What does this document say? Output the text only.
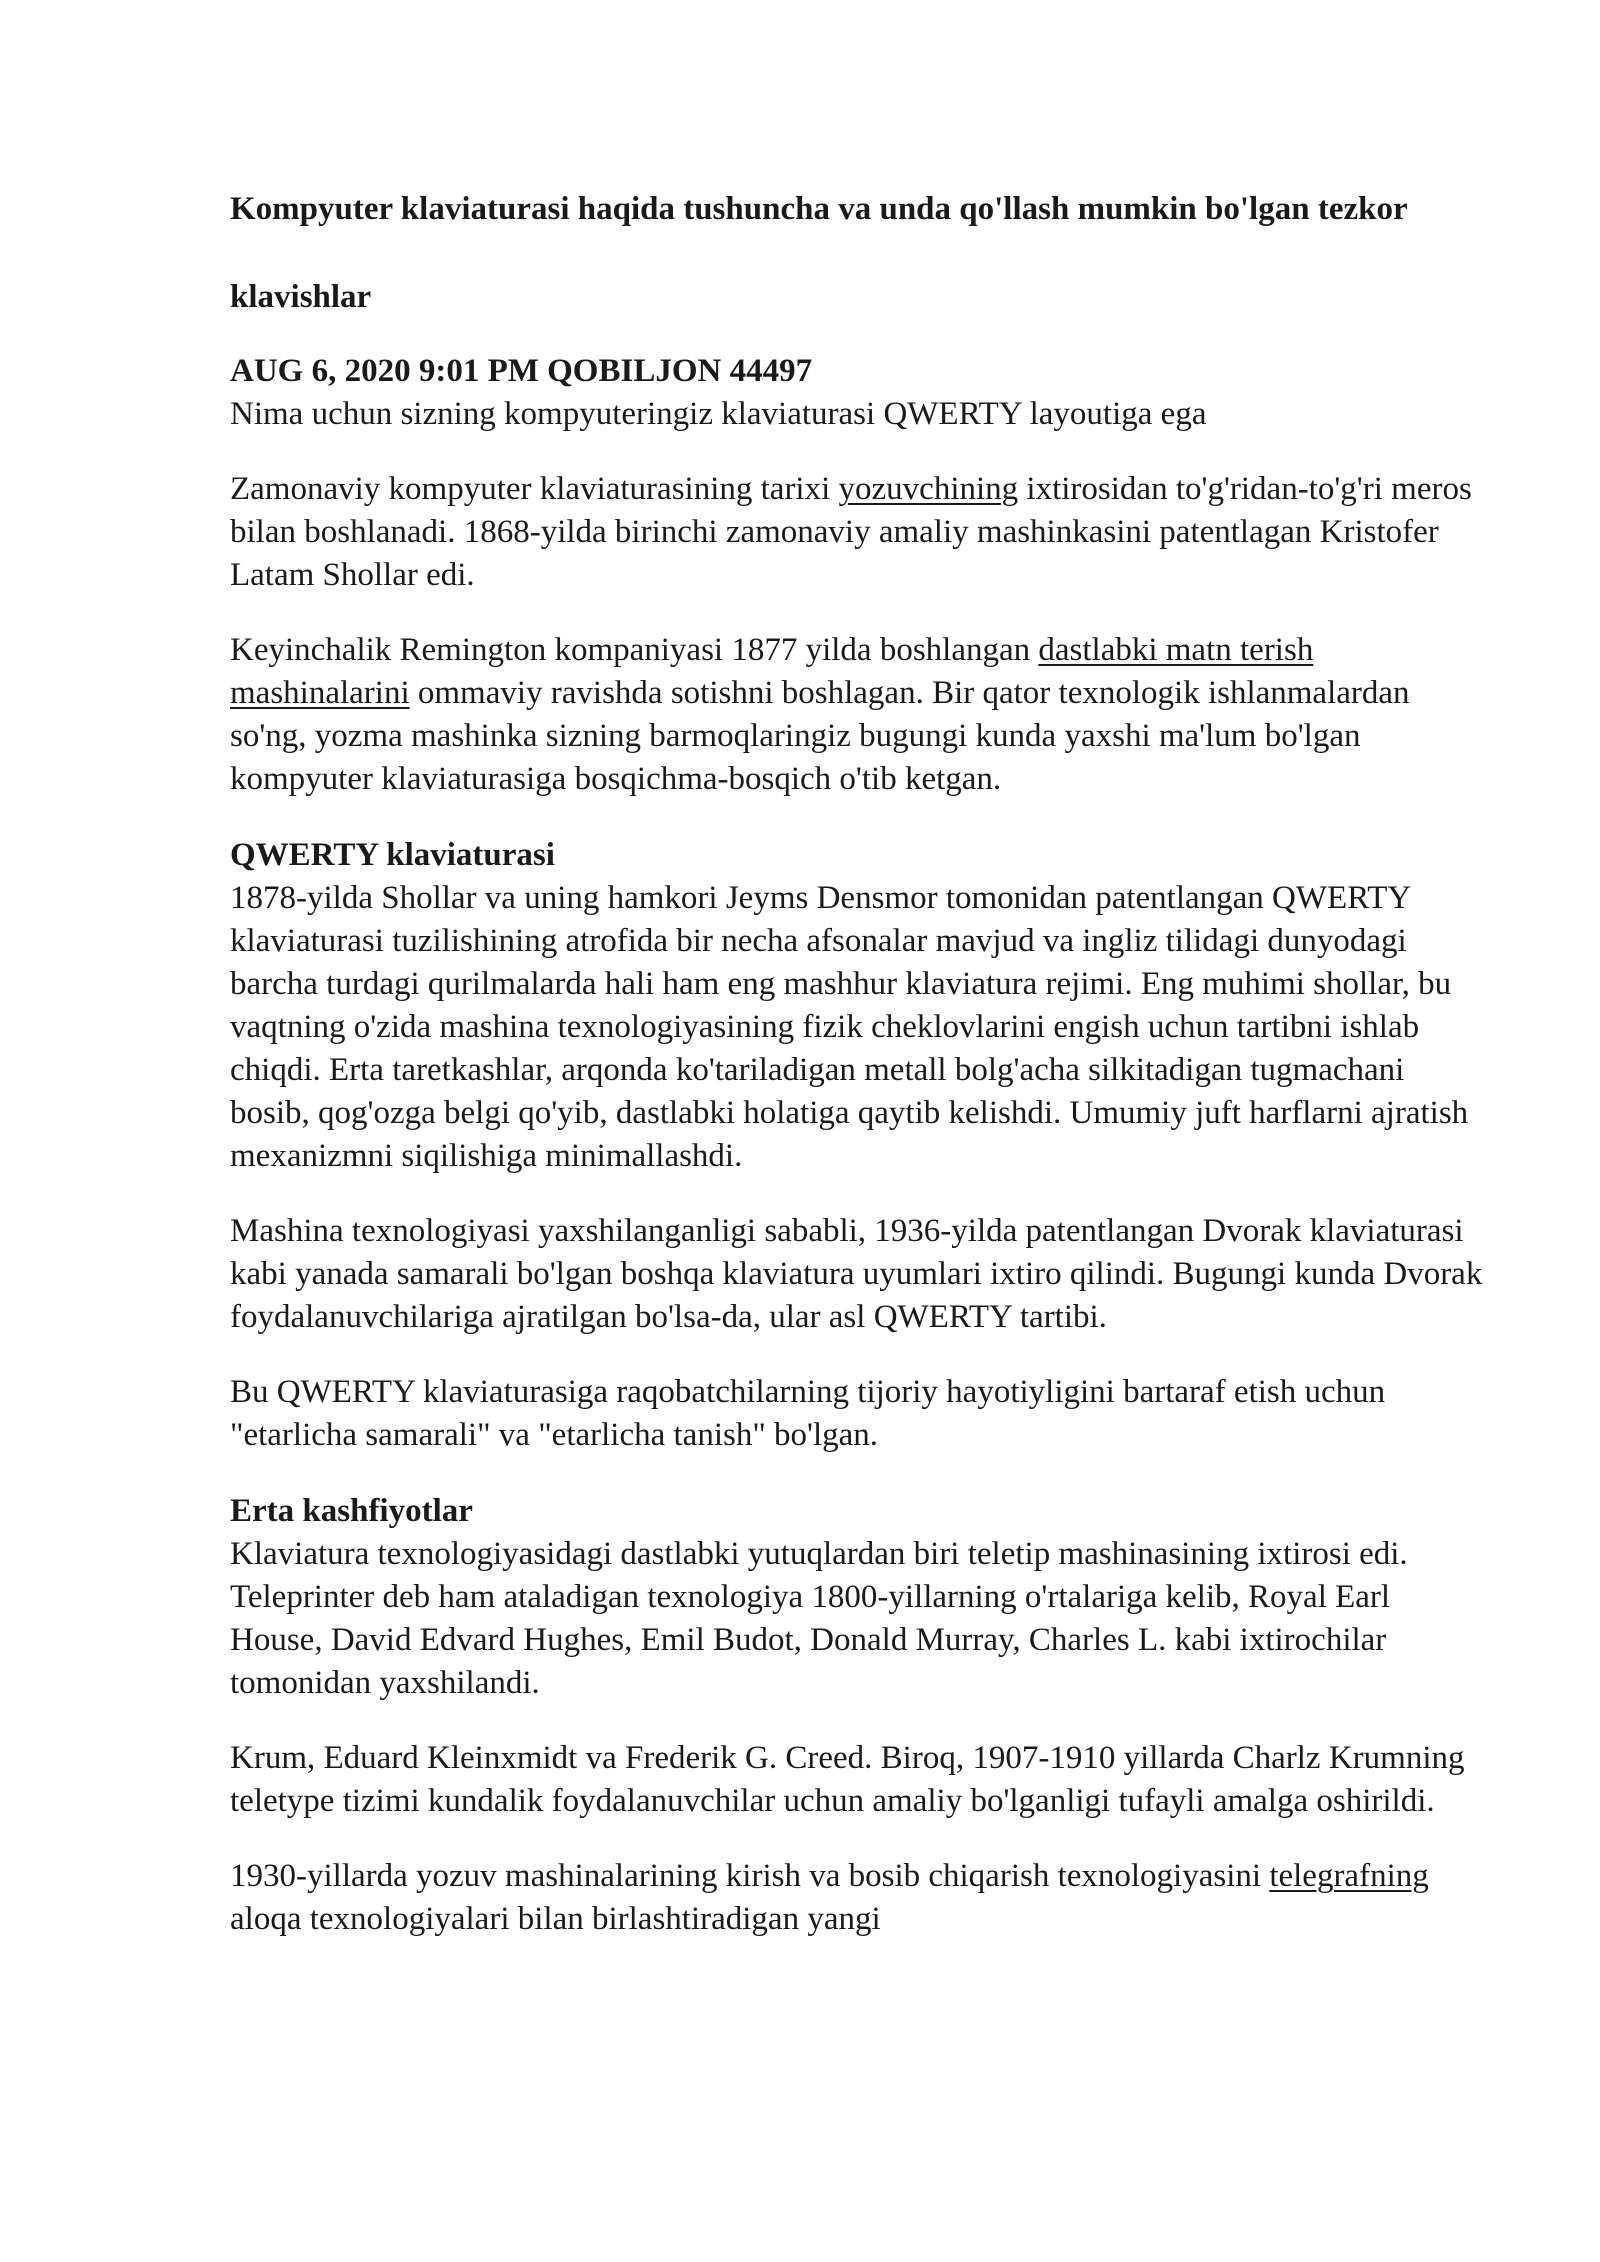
Kompyuter klaviaturasi haqida tushuncha va unda qo'llash mumkin bo'lgan tezkor klavishlar
AUG 6, 2020 9:01 PM QOBILJON 44497

Nima uchun sizning kompyuteringiz klaviaturasi QWERTY layoutiga ega

Zamonaviy kompyuter klaviaturasining tarixi yozuvchining ixtirosidan to'g'ridan-to'g'ri meros bilan boshlanadi. 1868-yilda birinchi zamonaviy amaliy mashinkasini patentlagan Kristofer Latam Shollar edi.

Keyinchalik Remington kompaniyasi 1877 yilda boshlangan dastlabki matn terish mashinalarini ommaviy ravishda sotishni boshlagan. Bir qator texnologik ishlanmalardan so'ng, yozma mashinka sizning barmoqlaringiz bugungi kunda yaxshi ma'lum bo'lgan kompyuter klaviaturasiga bosqichma-bosqich o'tib ketgan.

QWERTY klaviaturasi

1878-yilda Shollar va uning hamkori Jeyms Densmor tomonidan patentlangan QWERTY klaviaturasi tuzilishining atrofida bir necha afsonalar mavjud va ingliz tilidagi dunyodagi barcha turdagi qurilmalarda hali ham eng mashhur klaviatura rejimi. Eng muhimi shollar, bu vaqtning o'zida mashina texnologiyasining fizik cheklovlarini engish uchun tartibni ishlab chiqdi. Erta taretkashlar, arqonda ko'tariladigan metall bolg'acha silkitadigan tugmachani bosib, qog'ozga belgi qo'yib, dastlabki holatiga qaytib kelishdi. Umumiy juft harflarni ajratish mexanizmni siqilishiga minimallashdi.

Mashina texnologiyasi yaxshilanganligi sababli, 1936-yilda patentlangan Dvorak klaviaturasi kabi yanada samarali bo'lgan boshqa klaviatura uyumlari ixtiro qilindi. Bugungi kunda Dvorak foydalanuvchilariga ajratilgan bo'lsa-da, ular asl QWERTY tartibi.

Bu QWERTY klaviaturasiga raqobatchilarning tijoriy hayotiyligini bartaraf etish uchun "etarlicha samarali" va "etarlicha tanish" bo'lgan.

Erta kashfiyotlar

Klaviatura texnologiyasidagi dastlabki yutuqlardan biri teletip mashinasining ixtirosi edi. Teleprinter deb ham ataladigan texnologiya 1800-yillarning o'rtalariga kelib, Royal Earl House, David Edvard Hughes, Emil Budot, Donald Murray, Charles L. kabi ixtirochilar tomonidan yaxshilandi.

Krum, Eduard Kleinxmidt va Frederik G. Creed. Biroq, 1907-1910 yillarda Charlz Krumning teletype tizimi kundalik foydalanuvchilar uchun amaliy bo'lganligi tufayli amalga oshirildi.

1930-yillarda yozuv mashinalarining kirish va bosib chiqarish texnologiyasini telegrafning aloqa texnologiyalari bilan birlashtiradigan yangi
